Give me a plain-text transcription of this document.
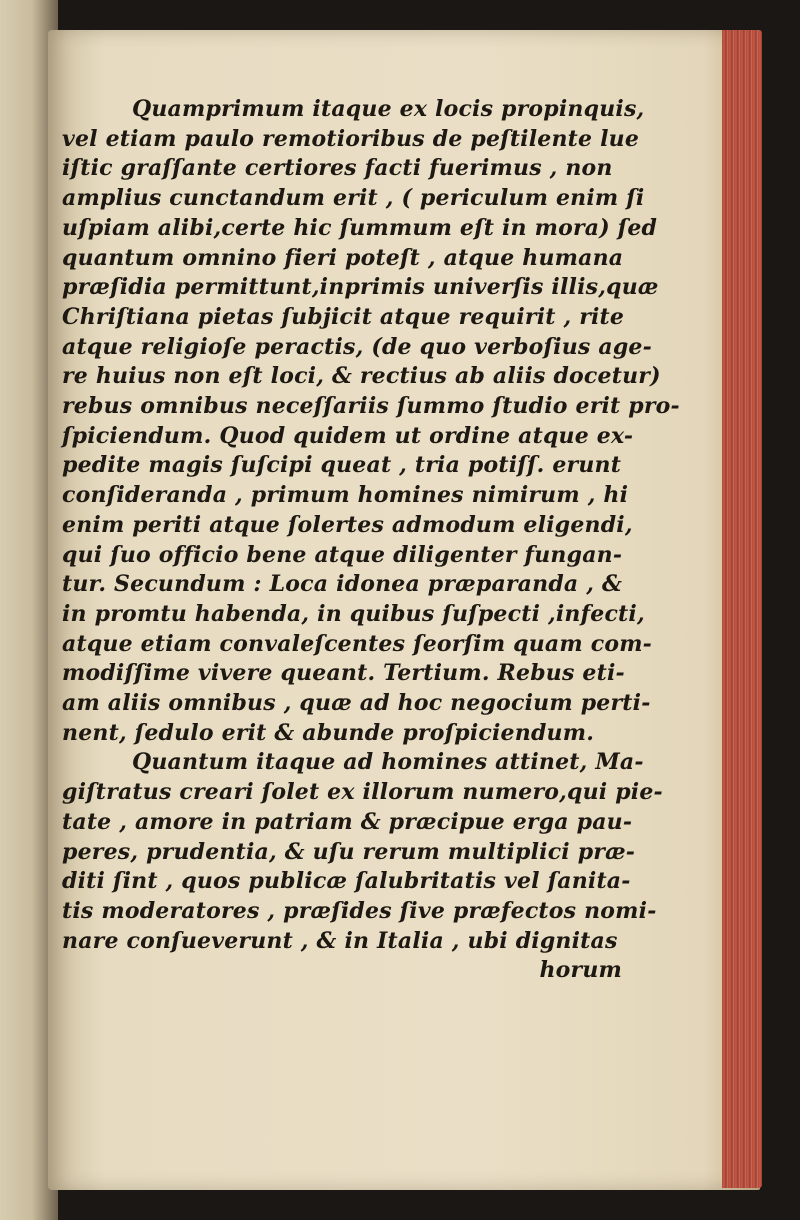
Quamprimum itaque ex locis propinquis,
vel etiam paulo remotioribus de peſtilente lue
iſtic graſſante certiores facti fuerimus , non
amplius cunctandum erit , ( periculum enim ſi
uſpiam alibi,certe hic ſummum eſt in mora) ſed
quantum omnino fieri poteſt , atque humana
præſidia permittunt,inprimis univerſis illis,quæ
Chriſtiana pietas ſubjicit atque requirit , rite
atque religioſe peractis, (de quo verboſius age-
re huius non eſt loci, & rectius ab aliis docetur)
rebus omnibus neceſſariis ſummo ſtudio erit pro-
ſpiciendum. Quod quidem ut ordine atque ex-
pedite magis ſuſcipi queat , tria potiſſ. erunt
conſideranda , primum homines nimirum , hi
enim periti atque ſolertes admodum eligendi,
qui ſuo officio bene atque diligenter fungan-
tur. Secundum : Loca idonea præparanda , &
in promtu habenda, in quibus ſuſpecti ,infecti,
atque etiam convaleſcentes ſeorſim quam com-
modiſſime vivere queant. Tertium. Rebus eti-
am aliis omnibus , quæ ad hoc negocium perti-
nent, ſedulo erit & abunde proſpiciendum.
Quantum itaque ad homines attinet, Ma-
giſtratus creari ſolet ex illorum numero,qui pie-
tate , amore in patriam & præcipue erga pau-
peres, prudentia, & uſu rerum multiplici præ-
diti ſint , quos publicæ ſalubritatis vel ſanita-
tis moderatores , præſides ſive præfectos nomi-
nare conſueverunt , & in Italia , ubi dignitas
horum
